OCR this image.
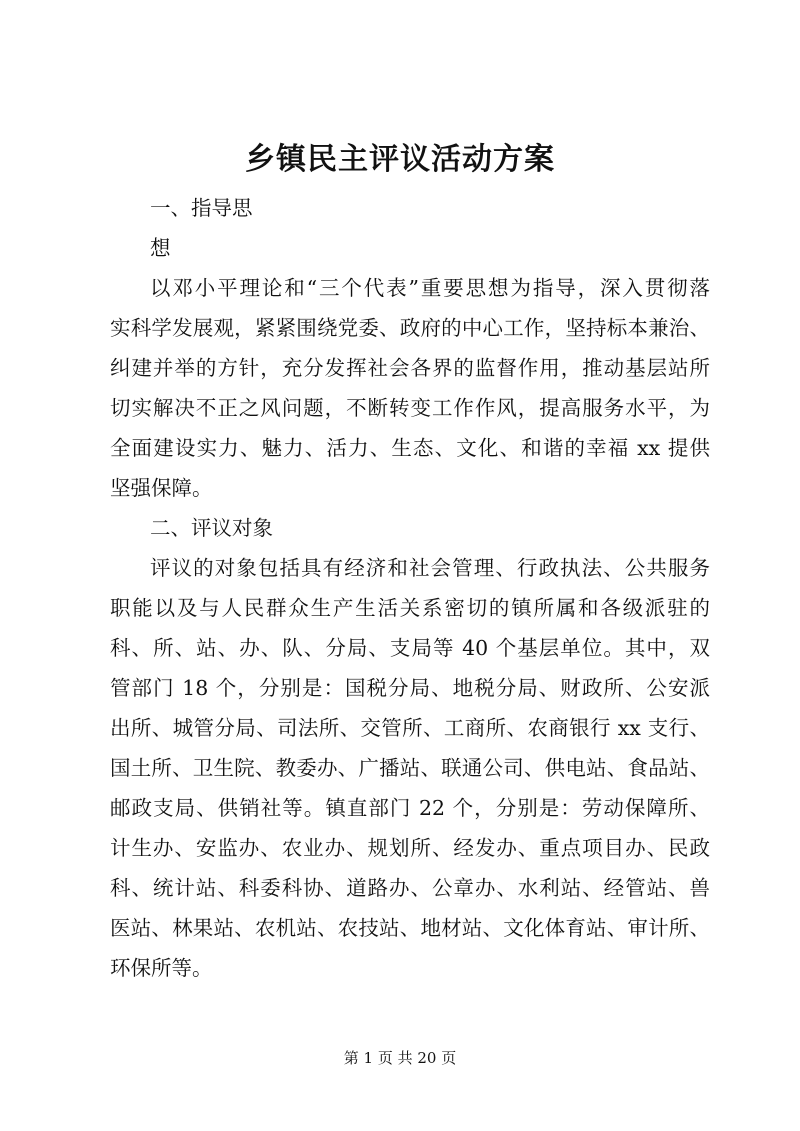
乡镇民主评议活动方案
一、指导思
想
以邓小平理论和“三个代表”重要思想为指导，深入贯彻落
实科学发展观，紧紧围绕党委、政府的中心工作，坚持标本兼治、
纠建并举的方针，充分发挥社会各界的监督作用，推动基层站所
切实解决不正之风问题，不断转变工作作风，提高服务水平，为
全面建设实力、魅力、活力、生态、文化、和谐的幸福 xx 提供
坚强保障。
二、评议对象
评议的对象包括具有经济和社会管理、行政执法、公共服务
职能以及与人民群众生产生活关系密切的镇所属和各级派驻的
科、所、站、办、队、分局、支局等 40 个基层单位。其中，双
管部门 18 个，分别是：国税分局、地税分局、财政所、公安派
出所、城管分局、司法所、交管所、工商所、农商银行 xx 支行、
国土所、卫生院、教委办、广播站、联通公司、供电站、食品站、
邮政支局、供销社等。镇直部门 22 个，分别是：劳动保障所、
计生办、安监办、农业办、规划所、经发办、重点项目办、民政
科、统计站、科委科协、道路办、公章办、水利站、经管站、兽
医站、林果站、农机站、农技站、地材站、文化体育站、审计所、
环保所等。
第 1 页 共 20 页
